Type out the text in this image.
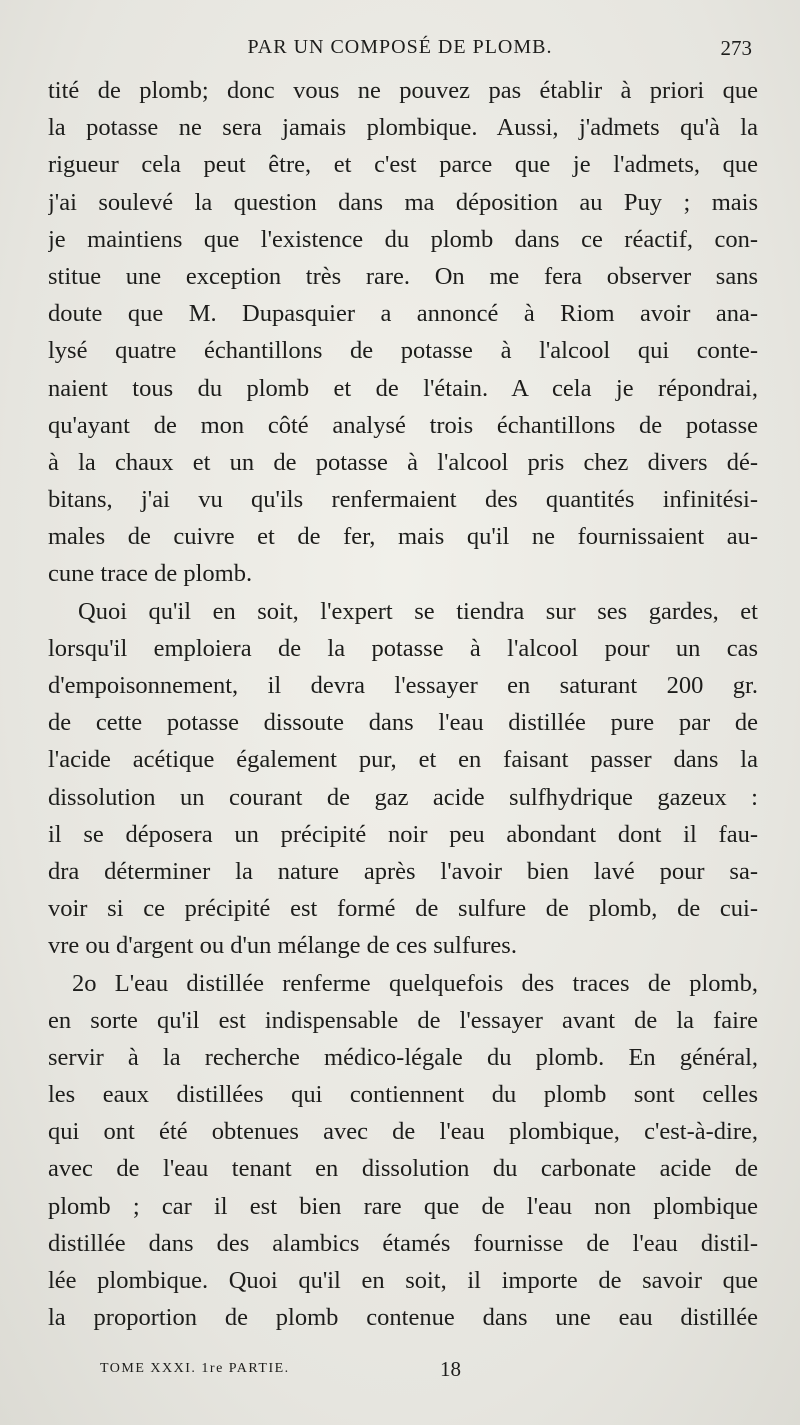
PAR UN COMPOSÉ DE PLOMB.	273
tité de plomb; donc vous ne pouvez pas établir à priori que
la potasse ne sera jamais plombique. Aussi, j'admets qu'à la
rigueur cela peut être, et c'est parce que je l'admets, que
j'ai soulevé la question dans ma déposition au Puy ; mais
je maintiens que l'existence du plomb dans ce réactif, con-
stitue une exception très rare. On me fera observer sans
doute que M. Dupasquier a annoncé à Riom avoir ana-
lysé quatre échantillons de potasse à l'alcool qui conte-
naient tous du plomb et de l'étain. A cela je répondrai,
qu'ayant de mon côté analysé trois échantillons de potasse
à la chaux et un de potasse à l'alcool pris chez divers dé-
bitans, j'ai vu qu'ils renfermaient des quantités infinitési-
males de cuivre et de fer, mais qu'il ne fournissaient au-
cune trace de plomb.
Quoi qu'il en soit, l'expert se tiendra sur ses gardes, et
lorsqu'il emploiera de la potasse à l'alcool pour un cas
d'empoisonnement, il devra l'essayer en saturant 200 gr.
de cette potasse dissoute dans l'eau distillée pure par de
l'acide acétique également pur, et en faisant passer dans la
dissolution un courant de gaz acide sulfhydrique gazeux :
il se déposera un précipité noir peu abondant dont il fau-
dra déterminer la nature après l'avoir bien lavé pour sa-
voir si ce précipité est formé de sulfure de plomb, de cui-
vre ou d'argent ou d'un mélange de ces sulfures.
2o L'eau distillée renferme quelquefois des traces de plomb,
en sorte qu'il est indispensable de l'essayer avant de la faire
servir à la recherche médico-légale du plomb. En général,
les eaux distillées qui contiennent du plomb sont celles
qui ont été obtenues avec de l'eau plombique, c'est-à-dire,
avec de l'eau tenant en dissolution du carbonate acide de
plomb ; car il est bien rare que de l'eau non plombique
distillée dans des alambics étamés fournisse de l'eau distil-
lée plombique. Quoi qu'il en soit, il importe de savoir que
la proportion de plomb contenue dans une eau distillée
TOME XXXI. 1re PARTIE.	18
